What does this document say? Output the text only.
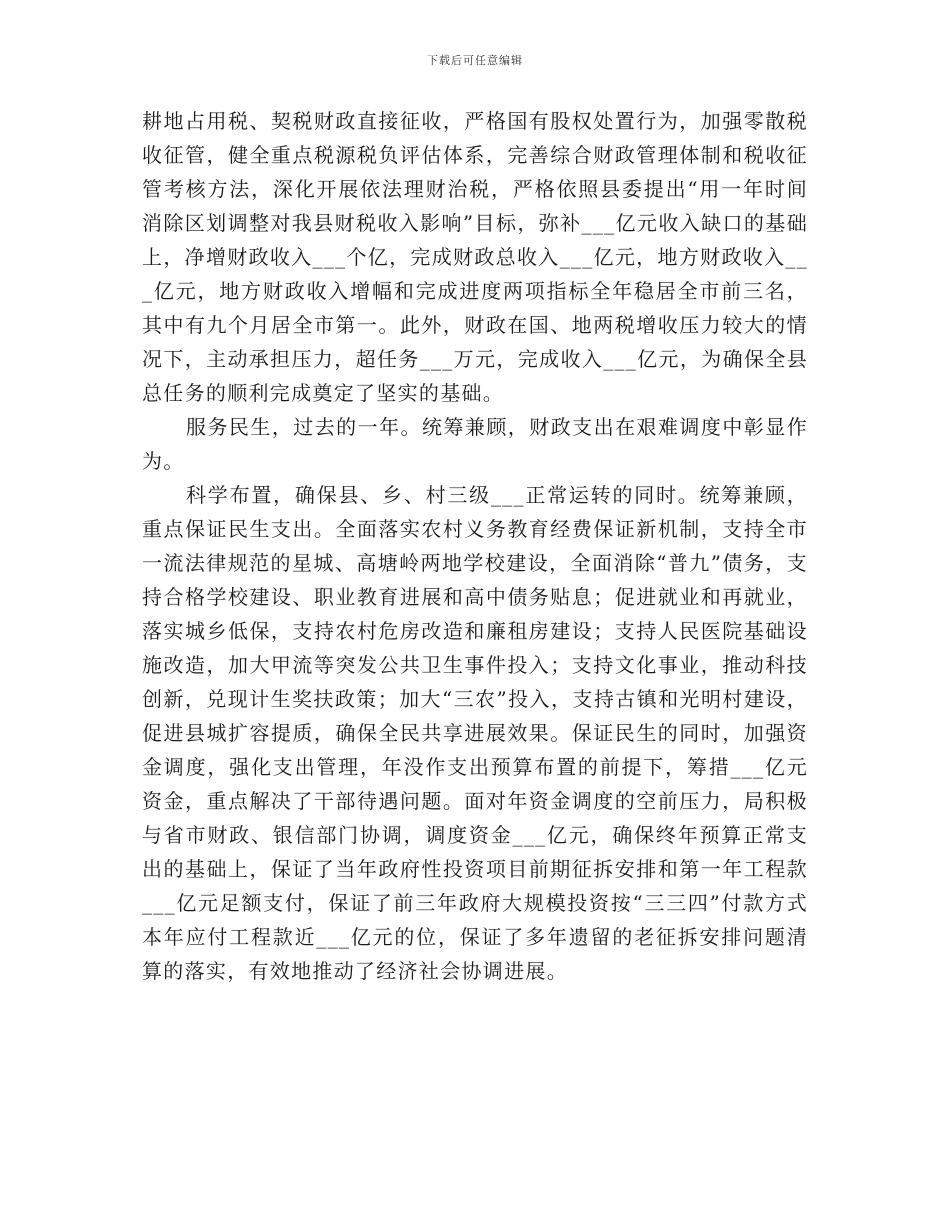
下载后可任意编辑

耕地占用税、契税财政直接征收，严格国有股权处置行为，加强零散税收征管，健全重点税源税负评估体系，完善综合财政管理体制和税收征管考核方法，深化开展依法理财治税，严格依照县委提出“用一年时间消除区划调整对我县财税收入影响”目标，弥补___亿元收入缺口的基础上，净增财政收入___个亿，完成财政总收入___亿元，地方财政收入___亿元，地方财政收入增幅和完成进度两项指标全年稳居全市前三名，其中有九个月居全市第一。此外，财政在国、地两税增收压力较大的情况下，主动承担压力，超任务___万元，完成收入___亿元，为确保全县总任务的顺利完成奠定了坚实的基础。

服务民生，过去的一年。统筹兼顾，财政支出在艰难调度中彰显作为。

科学布置，确保县、乡、村三级___正常运转的同时。统筹兼顾，重点保证民生支出。全面落实农村义务教育经费保证新机制，支持全市一流法律规范的星城、高塘岭两地学校建设，全面消除“普九”债务，支持合格学校建设、职业教育进展和高中债务贴息；促进就业和再就业，落实城乡低保，支持农村危房改造和廉租房建设；支持人民医院基础设施改造，加大甲流等突发公共卫生事件投入；支持文化事业，推动科技创新，兑现计生奖扶政策；加大“三农”投入，支持古镇和光明村建设，促进县城扩容提质，确保全民共享进展效果。保证民生的同时，加强资金调度，强化支出管理，年没作支出预算布置的前提下，筹措___亿元资金，重点解决了干部待遇问题。面对年资金调度的空前压力，局积极与省市财政、银信部门协调，调度资金___亿元，确保终年预算正常支出的基础上，保证了当年政府性投资项目前期征拆安排和第一年工程款___亿元足额支付，保证了前三年政府大规模投资按“三三四”付款方式本年应付工程款近___亿元的位，保证了多年遗留的老征拆安排问题清算的落实，有效地推动了经济社会协调进展。
